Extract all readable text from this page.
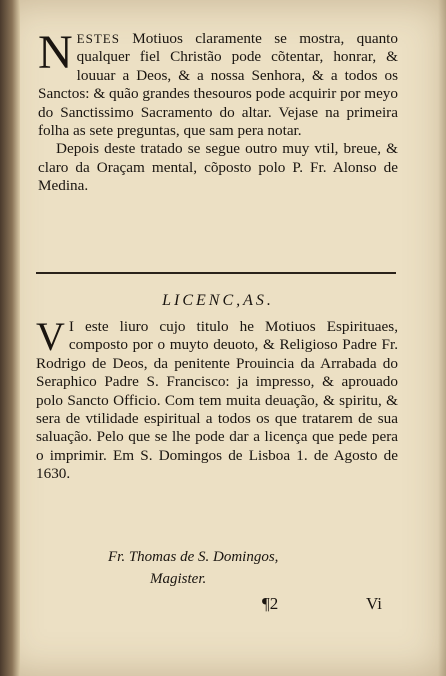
NESTES Motiuos claramente se mostra, quanto qualquer fiel Christão pode cõtentar, honrar, & louuar a Deos, & a nossa Senhora, & a todos os Sanctos: & quão grandes thesouros pode acquirir por meyo do Sanctissimo Sacramento do altar. Vejase na primeira folha as sete preguntas, que sam pera notar.

Depois deste tratado se segue outro muy vtil, breue, & claro da Oraçam mental, cõposto polo P. Fr. Alonso de Medina.

LICENC,AS.

V I este liuro cujo titulo he Motiuos Espirituaes, composto por o muyto deuoto, & Religioso Padre Fr. Rodrigo de Deos, da penitente Prouincia da Arrabada do Seraphico Padre S. Francisco: ja impresso, & aprouado polo Sancto Officio. Com tem muita deuação, & spiritu, & sera de vtilidade espiritual a todos os que tratarem de sua saluação. Pelo que se lhe pode dar a licença que pede pera o imprimir. Em S. Domingos de Lisboa 1. de Agosto de 1630.

Fr. Thomas de S. Domingos,
Magister.
¶2	Vi
